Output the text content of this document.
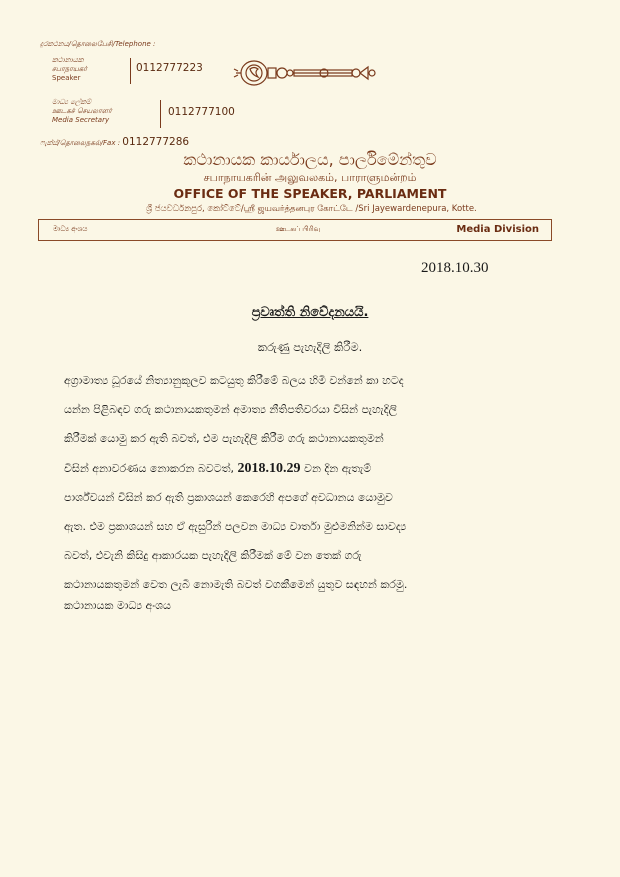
දුරකථනය/தொலைபேசி/Telephone :
කථානායක
சபாநாயகர்
Speaker
0112777223
මාධ්‍ය ලේකම්
ஊடகச் செயலாளர்
Media Secretary
0112777100
ෆැක්ස්/தொலைநகல்/Fax : 0112777286
කථානායක කාර්යාලය, පාර්ලිමේන්තුව
சபாநாயகரின் அலுவலகம், பாராளுமன்றம்
OFFICE OF THE SPEAKER, PARLIAMENT
ශ්‍රී ජයවර්ධනපුර, කෝට්ටේ/ஸ்ரீ ஜயவர்த்தனபுர கோட்டே /Sri Jayewardenepura, Kotte.
මාධ්‍ය අංශය	ஊடகப் பிரிவு	Media Division
2018.10.30
ප්‍රවෘත්ති නිවේදනයයි.
කරුණු පැහැදිලි කිරීම.
අග්‍රාමාත්‍ය ධූරයේ නිත්‍යානුකූලව කටයුතු කිරීමේ බලය හිමි වන්නේ කා හටද
යන්න පිළිබඳව ගරු කථානායකතුමන් අමාත්‍ය නීතිපතිවරයා විසින් පැහැදිලි
කිරීමක් යොමු කර ඇති බවත්, එම පැහැදිලි කිරීම ගරු කථානායකතුමන්
විසින් අනාවරණය නොකරන බවටත්, 2018.10.29 වන දින ඇතැම්
පාර්ශ්වයන් විසින් කර ඇති ප්‍රකාශයන් කෙරෙහි අපගේ අවධානය යොමුව
ඇත. එම ප්‍රකාශයන් සහ ඒ ඇසුරින් පලවන මාධ්‍ය වාර්තා මුළුමනින්ම සාවද්‍ය
බවත්, එවැනි කිසිදු ආකාරයක පැහැදිලි කිරීමක් මේ වන තෙක් ගරු
කථානායකතුමන් වෙත ලැබී නොමැති බවත් වගකීමෙන් යුතුව සඳහන් කරමු.
කථානායක මාධ්‍ය අංශය
